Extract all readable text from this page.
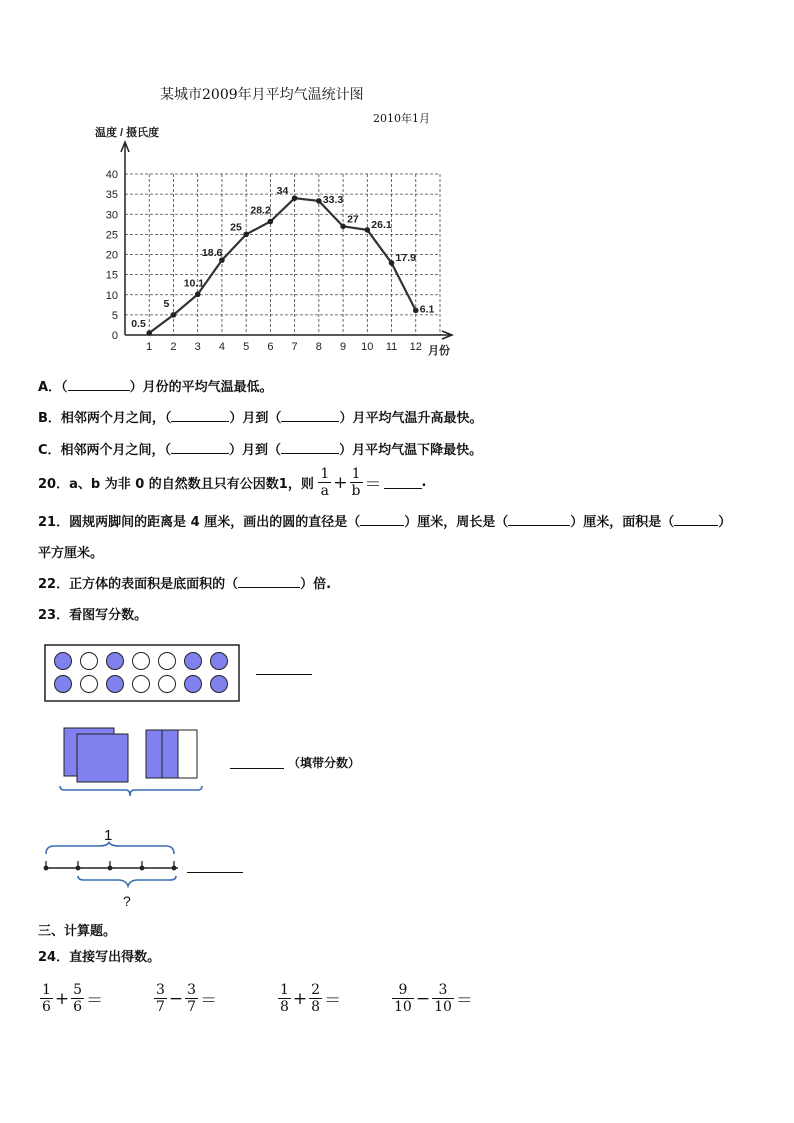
某城市2009年月平均气温统计图
2010年1月
温度 / 摄氏度
月份
0
5
10
15
20
25
30
35
40
1 2 3 4 5 6 7 8 9 10 11 12
0.5
5
10.1
18.6
25
28.2
34
33.3
27 26.1
17.9
6.1
A．（	）月份的平均气温最低。
B．相邻两个月之间，（	）月到（	）月平均气温升高最快。
C．相邻两个月之间，（	）月到（	）月平均气温下降最快。
20．a、b 为非 0 的自然数且只有公因数1，则 $\frac{1}{a} + \frac{1}{b}$ ＝	.
21．圆规两脚间的距离是 4 厘米，画出的圆的直径是（	）厘米，周长是（	）厘米，面积是（	）
平方厘米。
22．正方体的表面积是底面积的（	）倍.
23．看图写分数。
（填带分数）
1
?
三、计算题。
24．直接写出得数。
$\frac{1}{6} + \frac{5}{6}$ ＝	$\frac{3}{7} - \frac{3}{7}$ ＝	$\frac{1}{8} + \frac{2}{8}$ ＝	$\frac{9}{10} - \frac{3}{10}$ ＝
